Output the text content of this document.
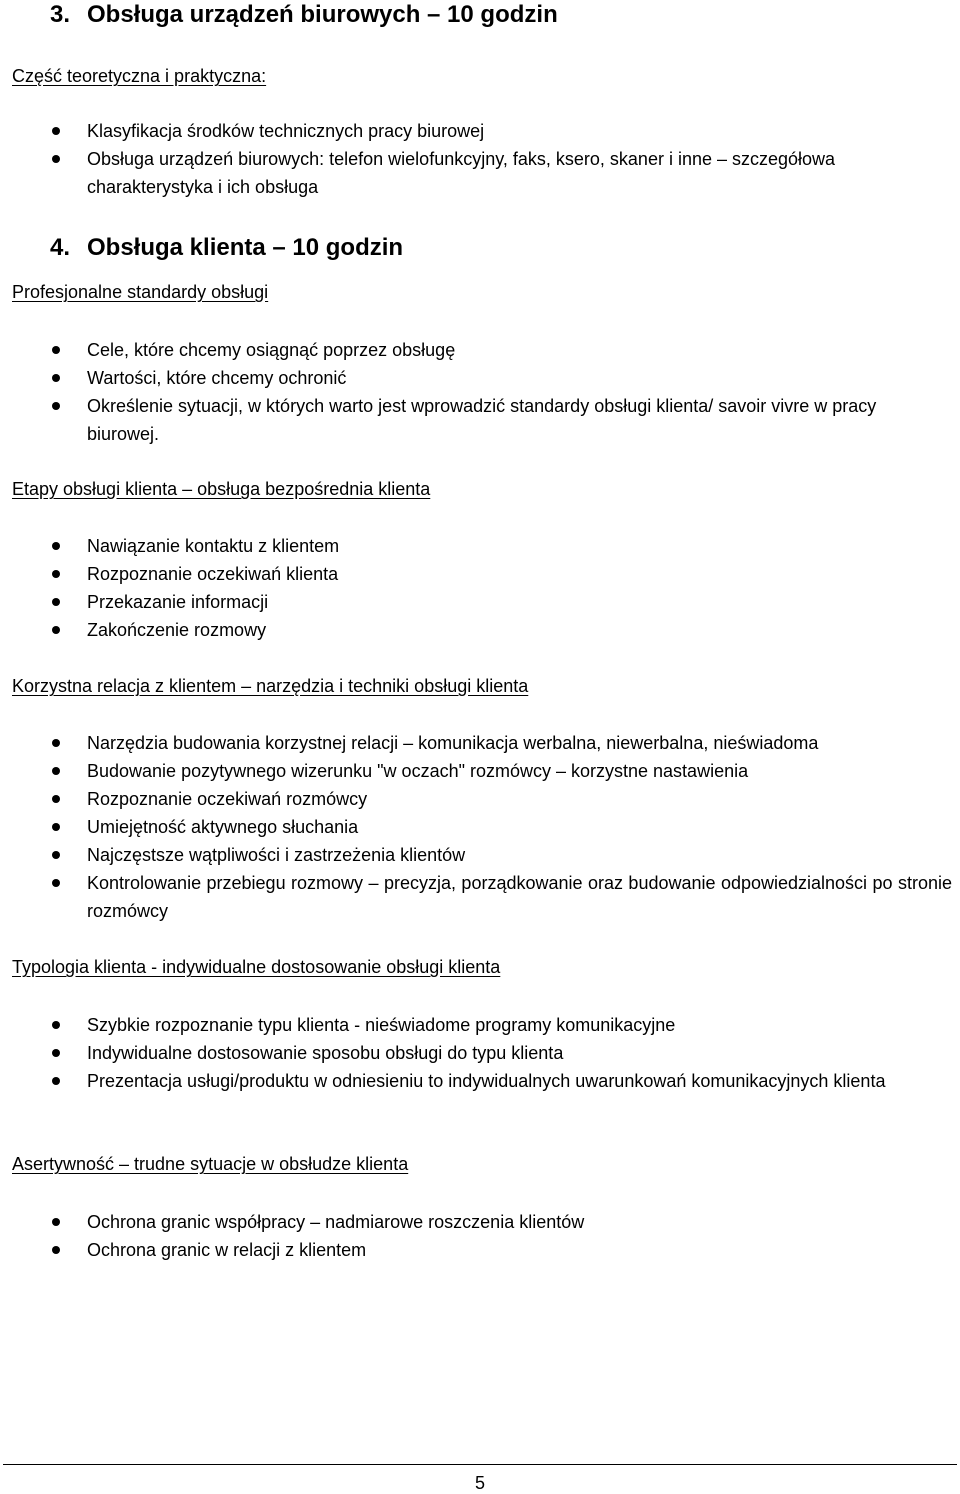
3. Obsługa urządzeń biurowych – 10 godzin
Część teoretyczna i praktyczna:
Klasyfikacja środków technicznych pracy biurowej
Obsługa urządzeń biurowych: telefon wielofunkcyjny, faks, ksero, skaner i inne – szczegółowa charakterystyka i ich obsługa
4. Obsługa klienta – 10 godzin
Profesjonalne standardy obsługi
Cele, które chcemy osiągnąć poprzez obsługę
Wartości, które chcemy ochronić
Określenie sytuacji, w których warto jest wprowadzić standardy obsługi klienta/ savoir vivre w pracy biurowej.
Etapy obsługi klienta – obsługa bezpośrednia klienta
Nawiązanie kontaktu z klientem
Rozpoznanie oczekiwań klienta
Przekazanie informacji
Zakończenie rozmowy
Korzystna relacja z klientem – narzędzia i techniki obsługi klienta
Narzędzia budowania korzystnej relacji – komunikacja werbalna, niewerbalna, nieświadoma
Budowanie pozytywnego wizerunku "w oczach" rozmówcy – korzystne nastawienia
Rozpoznanie oczekiwań rozmówcy
Umiejętność aktywnego słuchania
Najczęstsze wątpliwości i zastrzeżenia klientów
Kontrolowanie przebiegu rozmowy – precyzja, porządkowanie oraz budowanie odpowiedzialności po stronie rozmówcy
Typologia klienta - indywidualne dostosowanie obsługi klienta
Szybkie rozpoznanie typu klienta - nieświadome programy komunikacyjne
Indywidualne dostosowanie sposobu obsługi do typu klienta
Prezentacja usługi/produktu w odniesieniu to indywidualnych uwarunkowań komunikacyjnych klienta
Asertywność – trudne sytuacje w obsłudze klienta
Ochrona granic współpracy – nadmiarowe roszczenia klientów
Ochrona granic w relacji z klientem
5
